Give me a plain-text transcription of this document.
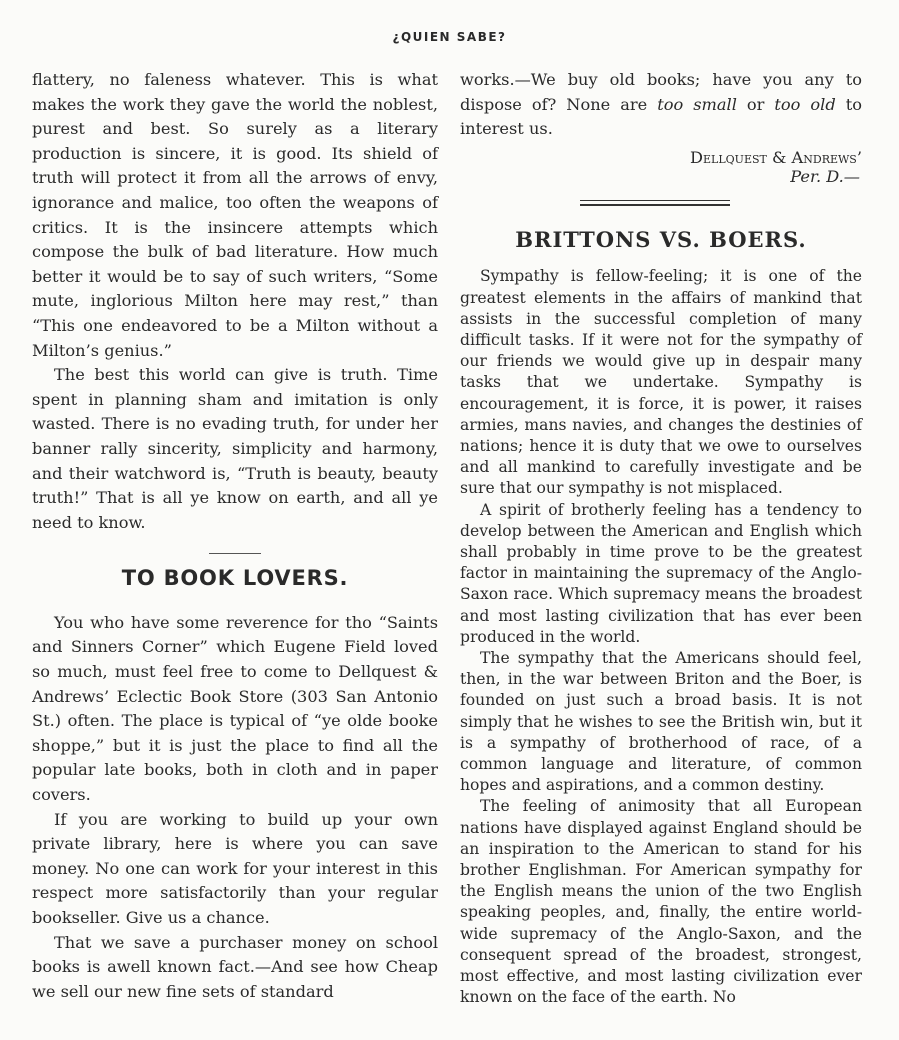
¿QUIEN SABE?

flattery, no faleness whatever. This is what makes the work they gave the world the noblest, purest and best. So surely as a literary production is sincere, it is good. Its shield of truth will protect it from all the arrows of envy, ignorance and malice, too often the weapons of critics. It is the insincere attempts which compose the bulk of bad literature. How much better it would be to say of such writers, “Some mute, inglorious Milton here may rest,” than “This one endeavored to be a Milton without a Milton’s genius.”

The best this world can give is truth. Time spent in planning sham and imitation is only wasted. There is no evading truth, for under her banner rally sincerity, simplicity and harmony, and their watchword is, “Truth is beauty, beauty truth!” That is all ye know on earth, and all ye need to know.

TO BOOK LOVERS.

You who have some reverence for tho “Saints and Sinners Corner” which Eugene Field loved so much, must feel free to come to Dellquest & Andrews’ Eclectic Book Store (303 San Antonio St.) often. The place is typical of “ye olde booke shoppe,” but it is just the place to find all the popular late books, both in cloth and in paper covers.

If you are working to build up your own private library, here is where you can save money. No one can work for your interest in this respect more satisfactorily than your regular bookseller. Give us a chance.

That we save a purchaser money on school books is awell known fact.—And see how Cheap we sell our new fine sets of standard

works.—We buy old books; have you any to dispose of? None are too small or too old to interest us.

Dellquest & Andrews’
Per. D.—
BRITTONS VS. BOERS.

Sympathy is fellow-feeling; it is one of the greatest elements in the affairs of mankind that assists in the successful completion of many difficult tasks. If it were not for the sympathy of our friends we would give up in despair many tasks that we undertake. Sympathy is encouragement, it is force, it is power, it raises armies, mans navies, and changes the destinies of nations; hence it is duty that we owe to ourselves and all mankind to carefully investigate and be sure that our sympathy is not misplaced.

A spirit of brotherly feeling has a tendency to develop between the American and English which shall probably in time prove to be the greatest factor in maintaining the supremacy of the Anglo-Saxon race. Which supremacy means the broadest and most lasting civilization that has ever been produced in the world.

The sympathy that the Americans should feel, then, in the war between Briton and the Boer, is founded on just such a broad basis. It is not simply that he wishes to see the British win, but it is a sympathy of brotherhood of race, of a common language and literature, of common hopes and aspirations, and a common destiny.

The feeling of animosity that all European nations have displayed against England should be an inspiration to the American to stand for his brother Englishman. For American sympathy for the English means the union of the two English speaking peoples, and, finally, the entire world-wide supremacy of the Anglo-Saxon, and the consequent spread of the broadest, strongest, most effective, and most lasting civilization ever known on the face of the earth. No
